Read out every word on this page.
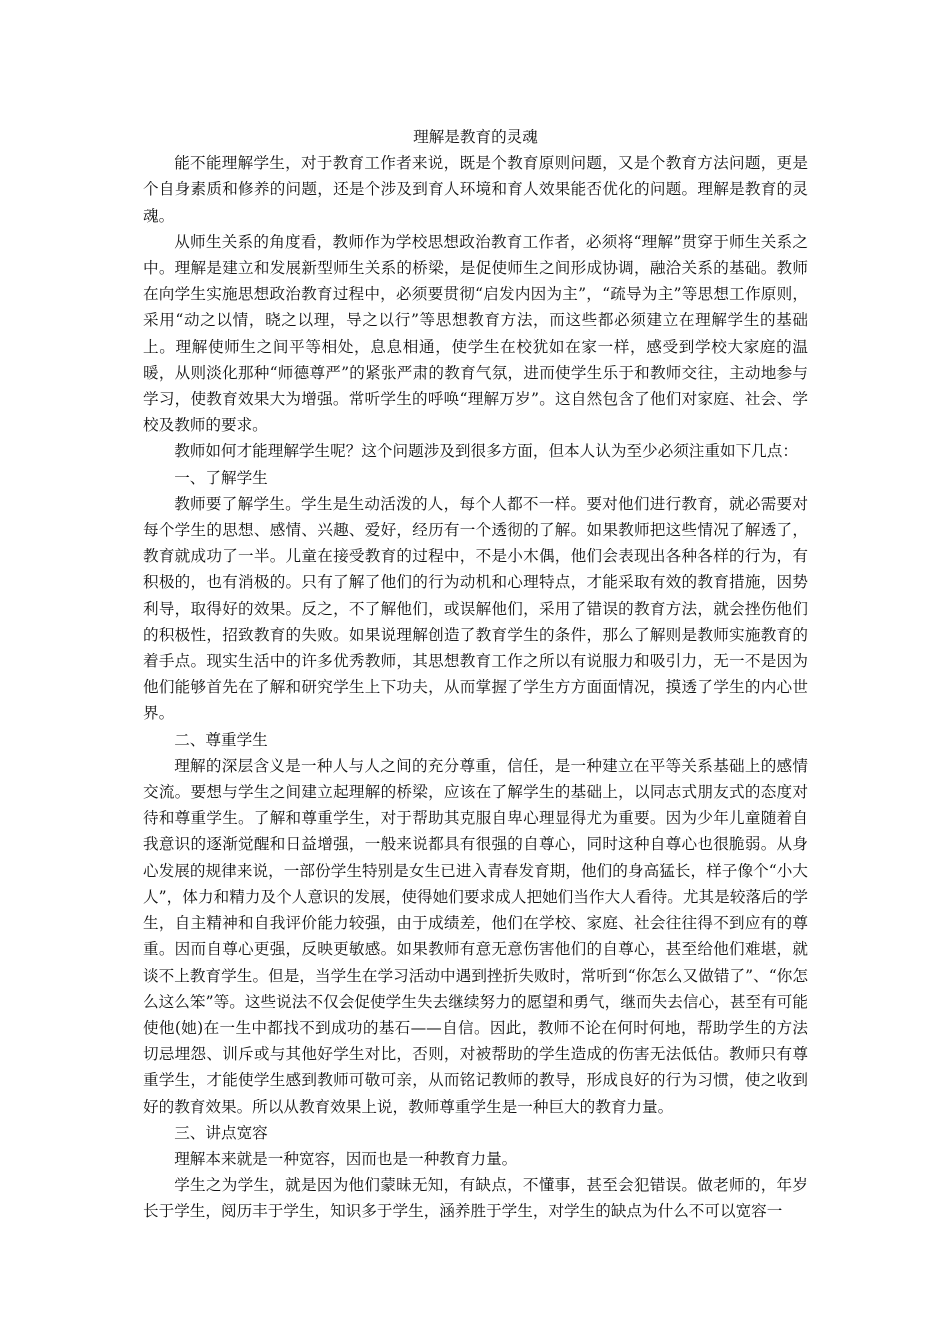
理解是教育的灵魂

能不能理解学生，对于教育工作者来说，既是个教育原则问题，又是个教育方法问题，更是个自身素质和修养的问题，还是个涉及到育人环境和育人效果能否优化的问题。理解是教育的灵魂。

从师生关系的角度看，教师作为学校思想政治教育工作者，必须将“理解”贯穿于师生关系之中。理解是建立和发展新型师生关系的桥梁，是促使师生之间形成协调，融洽关系的基础。教师在向学生实施思想政治教育过程中，必须要贯彻“启发内因为主”，“疏导为主”等思想工作原则，采用“动之以情，晓之以理，导之以行”等思想教育方法，而这些都必须建立在理解学生的基础上。理解使师生之间平等相处，息息相通，使学生在校犹如在家一样，感受到学校大家庭的温暖，从则淡化那种“师德尊严”的紧张严肃的教育气氛，进而使学生乐于和教师交往，主动地参与学习，使教育效果大为增强。常听学生的呼唤“理解万岁”。这自然包含了他们对家庭、社会、学校及教师的要求。

教师如何才能理解学生呢？这个问题涉及到很多方面，但本人认为至少必须注重如下几点：

一、了解学生

教师要了解学生。学生是生动活泼的人，每个人都不一样。要对他们进行教育，就必需要对每个学生的思想、感情、兴趣、爱好，经历有一个透彻的了解。如果教师把这些情况了解透了，教育就成功了一半。儿童在接受教育的过程中，不是小木偶，他们会表现出各种各样的行为，有积极的，也有消极的。只有了解了他们的行为动机和心理特点，才能采取有效的教育措施，因势利导，取得好的效果。反之，不了解他们，或误解他们，采用了错误的教育方法，就会挫伤他们的积极性，招致教育的失败。如果说理解创造了教育学生的条件，那么了解则是教师实施教育的着手点。现实生活中的许多优秀教师，其思想教育工作之所以有说服力和吸引力，无一不是因为他们能够首先在了解和研究学生上下功夫，从而掌握了学生方方面面情况，摸透了学生的内心世界。

二、尊重学生

理解的深层含义是一种人与人之间的充分尊重，信任，是一种建立在平等关系基础上的感情交流。要想与学生之间建立起理解的桥梁，应该在了解学生的基础上，以同志式朋友式的态度对待和尊重学生。了解和尊重学生，对于帮助其克服自卑心理显得尤为重要。因为少年儿童随着自我意识的逐渐觉醒和日益增强，一般来说都具有很强的自尊心，同时这种自尊心也很脆弱。从身心发展的规律来说，一部份学生特别是女生已进入青春发育期，他们的身高猛长，样子像个“小大人”，体力和精力及个人意识的发展，使得她们要求成人把她们当作大人看待。尤其是较落后的学生，自主精神和自我评价能力较强，由于成绩差，他们在学校、家庭、社会往往得不到应有的尊重。因而自尊心更强，反映更敏感。如果教师有意无意伤害他们的自尊心，甚至给他们难堪，就谈不上教育学生。但是，当学生在学习活动中遇到挫折失败时，常听到“你怎么又做错了”、“你怎么这么笨”等。这些说法不仅会促使学生失去继续努力的愿望和勇气，继而失去信心，甚至有可能使他(她)在一生中都找不到成功的基石——自信。因此，教师不论在何时何地，帮助学生的方法切忌埋怨、训斥或与其他好学生对比，否则，对被帮助的学生造成的伤害无法低估。教师只有尊重学生，才能使学生感到教师可敬可亲，从而铭记教师的教导，形成良好的行为习惯，使之收到好的教育效果。所以从教育效果上说，教师尊重学生是一种巨大的教育力量。

三、讲点宽容

理解本来就是一种宽容，因而也是一种教育力量。

学生之为学生，就是因为他们蒙昧无知，有缺点，不懂事，甚至会犯错误。做老师的，年岁长于学生，阅历丰于学生，知识多于学生，涵养胜于学生，对学生的缺点为什么不可以宽容一
